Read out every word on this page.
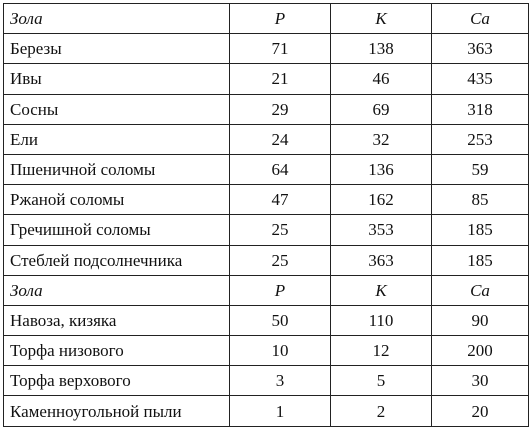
Зола	P	K	Ca
Березы	71	138	363
Ивы	21	46	435
Сосны	29	69	318
Ели	24	32	253
Пшеничной соломы	64	136	59
Ржаной соломы	47	162	85
Гречишной соломы	25	353	185
Стеблей подсолнечника	25	363	185
Зола	P	K	Ca
Навоза, кизяка	50	110	90
Торфа низового	10	12	200
Торфа верхового	3	5	30
Каменноугольной пыли	1	2	20
